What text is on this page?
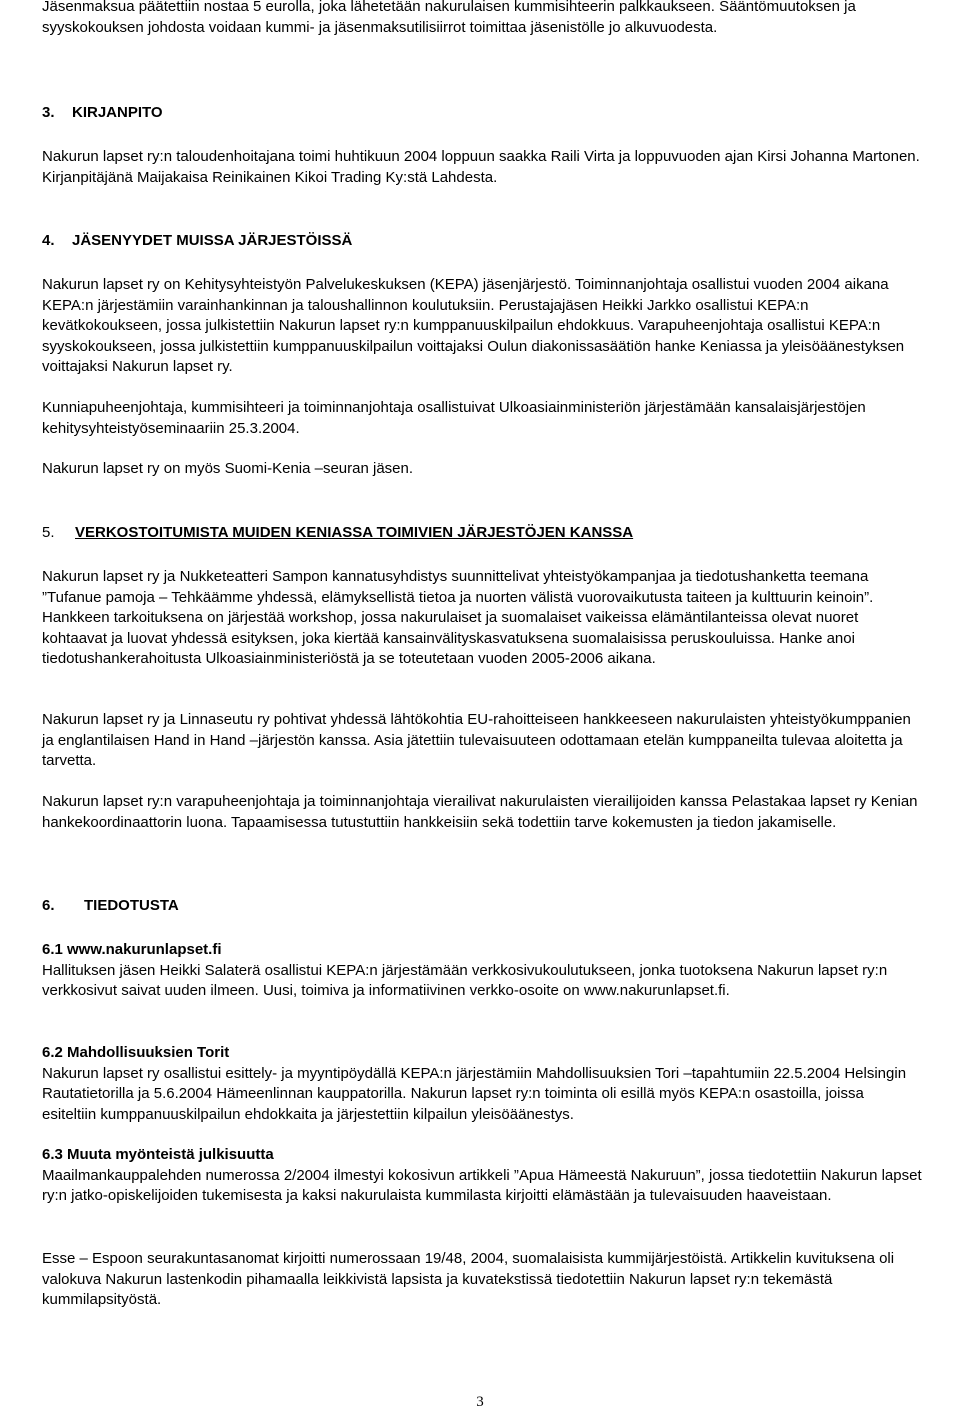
Jäsenmaksua päätettiin nostaa 5 eurolla, joka lähetetään nakurulaisen kummisihteerin palkkaukseen. Sääntömuutoksen ja syyskokouksen johdosta voidaan kummi- ja jäsenmaksutilisiirrot toimittaa jäsenistölle jo alkuvuodesta.

3. KIRJANPITO

Nakurun lapset ry:n taloudenhoitajana toimi huhtikuun 2004 loppuun saakka Raili Virta ja loppuvuoden ajan Kirsi Johanna Martonen. Kirjanpitäjänä Maijakaisa Reinikainen Kikoi Trading Ky:stä Lahdesta.

4. JÄSENYYDET MUISSA JÄRJESTÖISSÄ

Nakurun lapset ry on Kehitysyhteistyön Palvelukeskuksen (KEPA) jäsenjärjestö. Toiminnanjohtaja osallistui vuoden 2004 aikana KEPA:n järjestämiin varainhankinnan ja taloushallinnon koulutuksiin. Perustajajäsen Heikki Jarkko osallistui KEPA:n kevätkokoukseen, jossa julkistettiin Nakurun lapset ry:n kumppanuuskilpailun ehdokkuus. Varapuheenjohtaja osallistui KEPA:n syyskokoukseen, jossa julkistettiin kumppanuuskilpailun voittajaksi Oulun diakonissasäätiön hanke Keniassa ja yleisöäänestyksen voittajaksi Nakurun lapset ry.

Kunniapuheenjohtaja, kummisihteeri ja toiminnanjohtaja osallistuivat Ulkoasiainministeriön järjestämään kansalaisjärjestöjen kehitysyhteistyöseminaariin 25.3.2004.

Nakurun lapset ry on myös Suomi-Kenia –seuran jäsen.

5. VERKOSTOITUMISTA MUIDEN KENIASSA TOIMIVIEN JÄRJESTÖJEN KANSSA

Nakurun lapset ry ja Nukketeatteri Sampon kannatusyhdistys suunnittelivat yhteistyökampanjaa ja tiedotushanketta teemana ”Tufanue pamoja – Tehkäämme yhdessä, elämyksellistä tietoa ja nuorten välistä vuorovaikutusta taiteen ja kulttuurin keinoin”. Hankkeen tarkoituksena on järjestää workshop, jossa nakurulaiset ja suomalaiset vaikeissa elämäntilanteissa olevat nuoret kohtaavat ja luovat yhdessä esityksen, joka kiertää kansainvälityskasvatuksena suomalaisissa peruskouluissa. Hanke anoi tiedotushankerahoitusta Ulkoasiainministeriöstä ja se toteutetaan vuoden 2005-2006 aikana.

Nakurun lapset ry ja Linnaseutu ry pohtivat yhdessä lähtökohtia EU-rahoitteiseen hankkeeseen nakurulaisten yhteistyökumppanien ja englantilaisen Hand in Hand –järjestön kanssa. Asia jätettiin tulevaisuuteen odottamaan etelän kumppaneilta tulevaa aloitetta ja tarvetta.

Nakurun lapset ry:n varapuheenjohtaja ja toiminnanjohtaja vierailivat nakurulaisten vierailijoiden kanssa Pelastakaa lapset ry Kenian hankekoordinaattorin luona. Tapaamisessa tutustuttiin hankkeisiin sekä todettiin tarve kokemusten ja tiedon jakamiselle.

6. TIEDOTUSTA

6.1 www.nakurunlapset.fi

Hallituksen jäsen Heikki Salaterä osallistui KEPA:n järjestämään verkkosivukoulutukseen, jonka tuotoksena Nakurun lapset ry:n verkkosivut saivat uuden ilmeen. Uusi, toimiva ja informatiivinen verkko-osoite on www.nakurunlapset.fi.

6.2 Mahdollisuuksien Torit

Nakurun lapset ry osallistui esittely- ja myyntipöydällä KEPA:n järjestämiin Mahdollisuuksien Tori –tapahtumiin 22.5.2004 Helsingin Rautatietorilla ja 5.6.2004 Hämeenlinnan kauppatorilla. Nakurun lapset ry:n toiminta oli esillä myös KEPA:n osastoilla, joissa esiteltiin kumppanuuskilpailun ehdokkaita ja järjestettiin kilpailun yleisöäänestys.

6.3 Muuta myönteistä julkisuutta

Maailmankauppalehden numerossa 2/2004 ilmestyi kokosivun artikkeli ”Apua Hämeestä Nakuruun”, jossa tiedotettiin Nakurun lapset ry:n jatko-opiskelijoiden tukemisesta ja kaksi nakurulaista kummilasta kirjoitti elämästään ja tulevaisuuden haaveistaan.

Esse – Espoon seurakuntasanomat kirjoitti numerossaan 19/48, 2004, suomalaisista kummijärjestöistä. Artikkelin kuvituksena oli valokuva Nakurun lastenkodin pihamaalla leikkivistä lapsista ja kuvatekstissä tiedotettiin Nakurun lapset ry:n tekemästä kummilapsityöstä.

3
